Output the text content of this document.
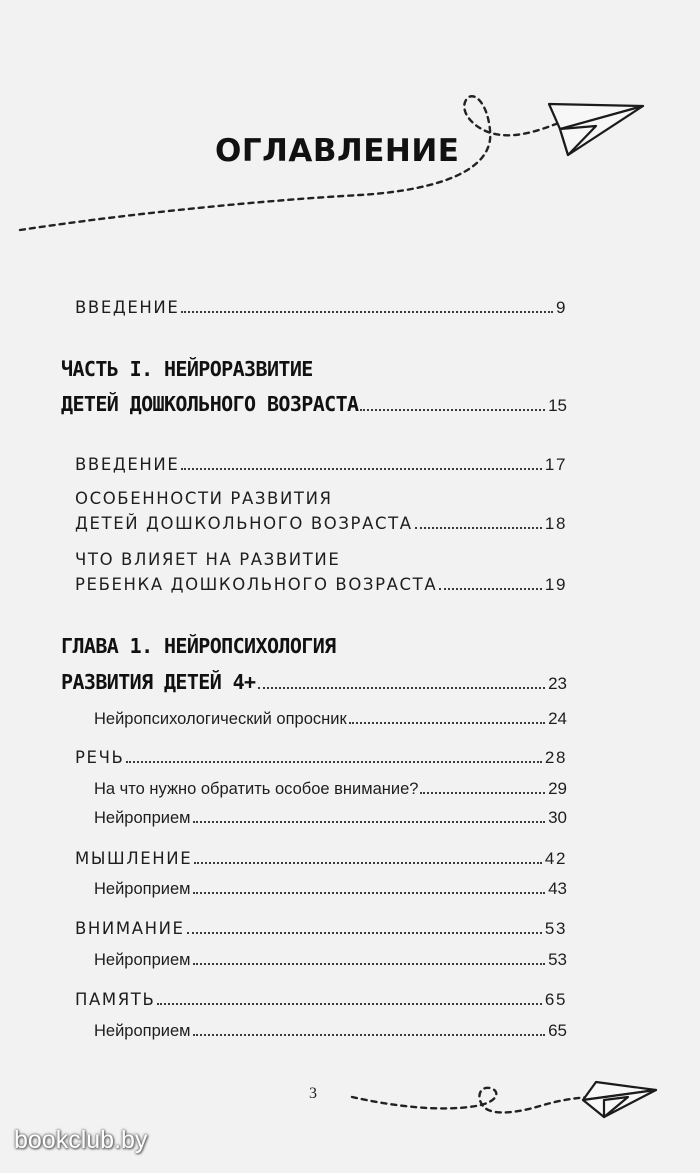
ОГЛАВЛЕНИЕ
ВВЕДЕНИЕ	9
ЧАСТЬ I. НЕЙРОРАЗВИТИЕ
ДЕТЕЙ ДОШКОЛЬНОГО ВОЗРАСТА	15
ВВЕДЕНИЕ	17
ОСОБЕННОСТИ РАЗВИТИЯ
ДЕТЕЙ ДОШКОЛЬНОГО ВОЗРАСТА	18
ЧТО ВЛИЯЕТ НА РАЗВИТИЕ
РЕБЕНКА ДОШКОЛЬНОГО ВОЗРАСТА	19
ГЛАВА 1. НЕЙРОПСИХОЛОГИЯ
РАЗВИТИЯ ДЕТЕЙ 4+	23
Нейропсихологический опросник	24
РЕЧЬ	28
На что нужно обратить особое внимание?	29
Нейроприем	30
МЫШЛЕНИЕ	42
Нейроприем	43
ВНИМАНИЕ	53
Нейроприем	53
ПАМЯТЬ	65
Нейроприем	65
3
bookclub.by
